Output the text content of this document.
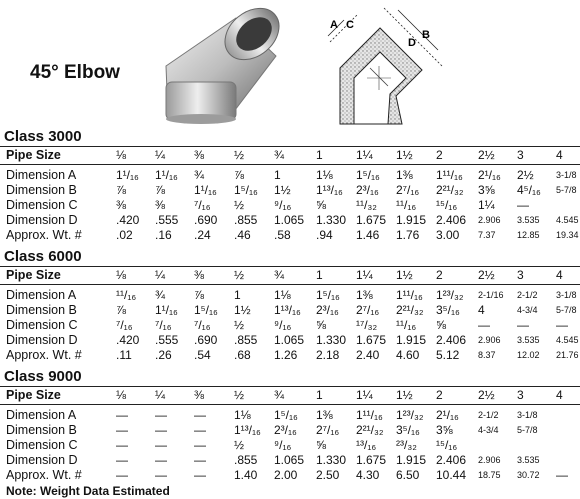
A C
D
B
45° Elbow
Class 3000
Pipe Size	⅛ ¼ ⅜ ½ ¾	1	1¼ 1½ 2	2½ 3	4
Dimension A	1¹/₁₆ 1¹/₁₆ ¾ ⅞ 1	1⅛ 1⁵/₁₆ 1⅜ 1¹¹/₁₆ 2¹/₁₆ 2½ 3-1/8
Dimension B	⅞ ⅞ 1¹/₁₆ 1⁵/₁₆ 1½ 1¹³/₁₆ 2³/₁₆ 2⁷/₁₆ 2²¹/₃₂ 3⅝ 4⁵/₁₆ 5-7/8
Dimension C	⅜ ⅜ ⁷/₁₆ ½ ⁹/₁₆ ⅝ ¹¹/₃₂ ¹¹/₁₆ ¹⁵/₁₆ 1¼ —
Dimension D	.420 .555 .690 .855 1.065 1.330 1.675 1.915 2.406 2.906 3.535 4.545
Approx. Wt. #	.02 .16 .24 .46 .58 .94 1.46 1.76 3.00 7.37 12.85 19.34
Class 6000
Pipe Size	⅛ ¼ ⅜ ½ ¾	1	1¼ 1½ 2	2½ 3	4
Dimension A	¹¹/₁₆ ¾ ⅞ 1	1⅛ 1⁵/₁₆ 1⅜ 1¹¹/₁₆ 1²³/₃₂ 2-1/16 2-1/2 3-1/8
Dimension B	⅞ 1¹/₁₆ 1⁵/₁₆ 1½ 1¹³/₁₆ 2³/₁₆ 2⁷/₁₆ 2²¹/₃₂ 3⁵/₁₆ 4	4-3/4 5-7/8
Dimension C	⁷/₁₆ ⁷/₁₆ ⁷/₁₆ ½ ⁹/₁₆ ⅝ ¹⁷/₃₂ ¹¹/₁₆ ⅝	— — —
Dimension D	.420 .555 .690 .855 1.065 1.330 1.675 1.915 2.406 2.906 3.535 4.545
Approx. Wt. #	.11 .26 .54 .68 1.26 2.18 2.40 4.60 5.12 8.37 12.02 21.76
Class 9000
Pipe Size	⅛ ¼ ⅜ ½ ¾	1	1¼ 1½ 2	2½ 3	4
Dimension A	— — — 1⅛ 1⁵/₁₆ 1⅜ 1¹¹/₁₆ 1²³/₃₂ 2¹/₁₆ 2-1/2 3-1/8
Dimension B	— — — 1¹³/₁₆ 2³/₁₆ 2⁷/₁₆ 2²¹/₃₂ 3⁵/₁₆ 3⅝	4-3/4 5-7/8
Dimension C	— — — ½ ⁹/₁₆ ⅝ ¹³/₁₆ ²³/₃₂ ¹⁵/₁₆
Dimension D	— — — .855 1.065 1.330 1.675 1.915 2.406 2.906 3.535
Approx. Wt. #	— — — 1.40 2.00 2.50 4.30 6.50 10.44 18.75 30.72 —
Note: Weight Data Estimated
